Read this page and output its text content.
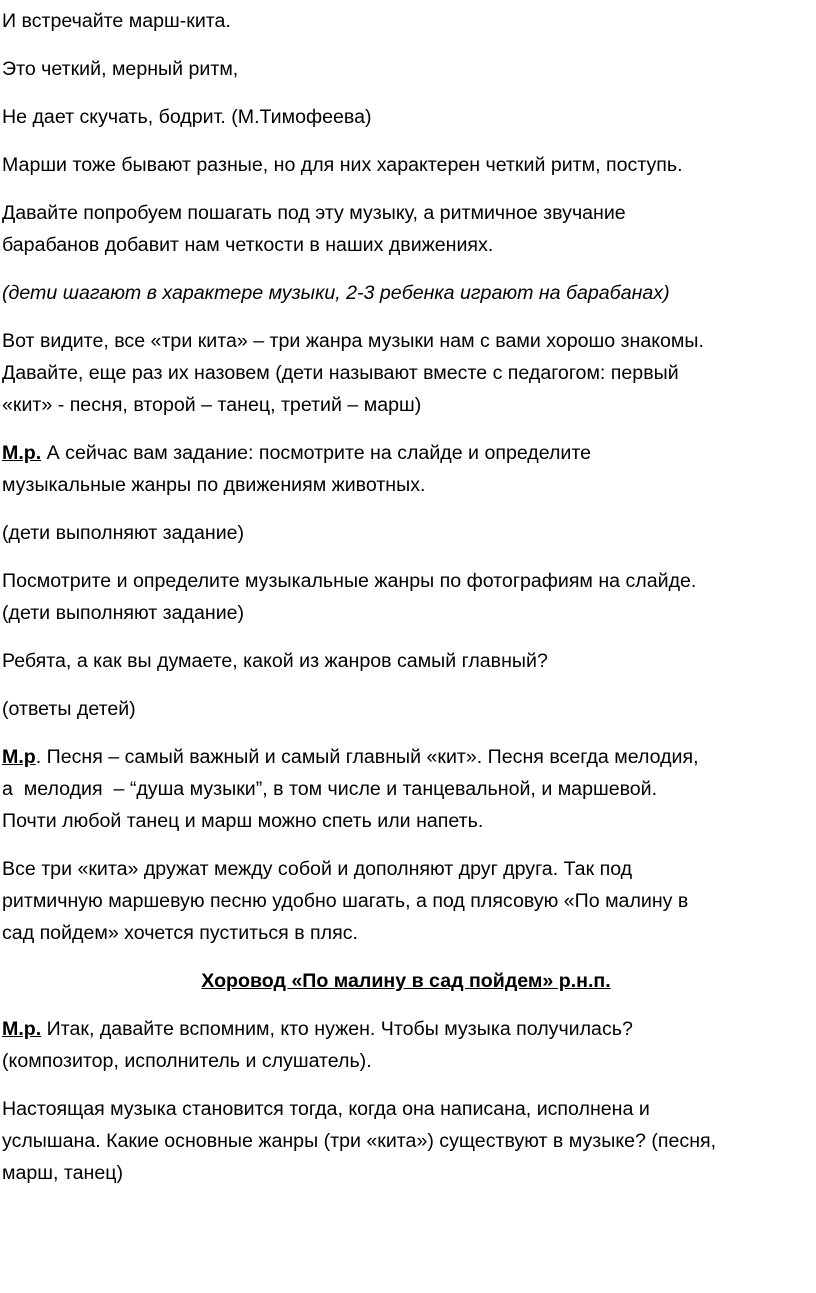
И встречайте марш-кита.
Это четкий, мерный ритм,
Не дает скучать, бодрит. (М.Тимофеева)
Марши тоже бывают разные, но для них характерен четкий ритм, поступь.
Давайте попробуем пошагать под эту музыку, а ритмичное звучание
барабанов добавит нам четкости в наших движениях.
(дети шагают в характере музыки, 2-3 ребенка играют на барабанах)
Вот видите, все «три кита» – три жанра музыки нам с вами хорошо знакомы.
Давайте, еще раз их назовем (дети называют вместе с педагогом: первый
«кит» - песня, второй – танец, третий – марш)
М.р. А сейчас вам задание: посмотрите на слайде и определите
музыкальные жанры по движениям животных.
(дети выполняют задание)
Посмотрите и определите музыкальные жанры по фотографиям на слайде.
(дети выполняют задание)
Ребята, а как вы думаете, какой из жанров самый главный?
(ответы детей)
М.р. Песня – самый важный и самый главный «кит». Песня всегда мелодия,
а  мелодия  – “душа музыки”, в том числе и танцевальной, и маршевой.
Почти любой танец и марш можно спеть или напеть.
Все три «кита» дружат между собой и дополняют друг друга. Так под
ритмичную маршевую песню удобно шагать, а под плясовую «По малину в
сад пойдем» хочется пуститься в пляс.
Хоровод «По малину в сад пойдем» р.н.п.
М.р. Итак, давайте вспомним, кто нужен. Чтобы музыка получилась?
(композитор, исполнитель и слушатель).
Настоящая музыка становится тогда, когда она написана, исполнена и
услышана. Какие основные жанры (три «кита») существуют в музыке? (песня,
марш, танец)
